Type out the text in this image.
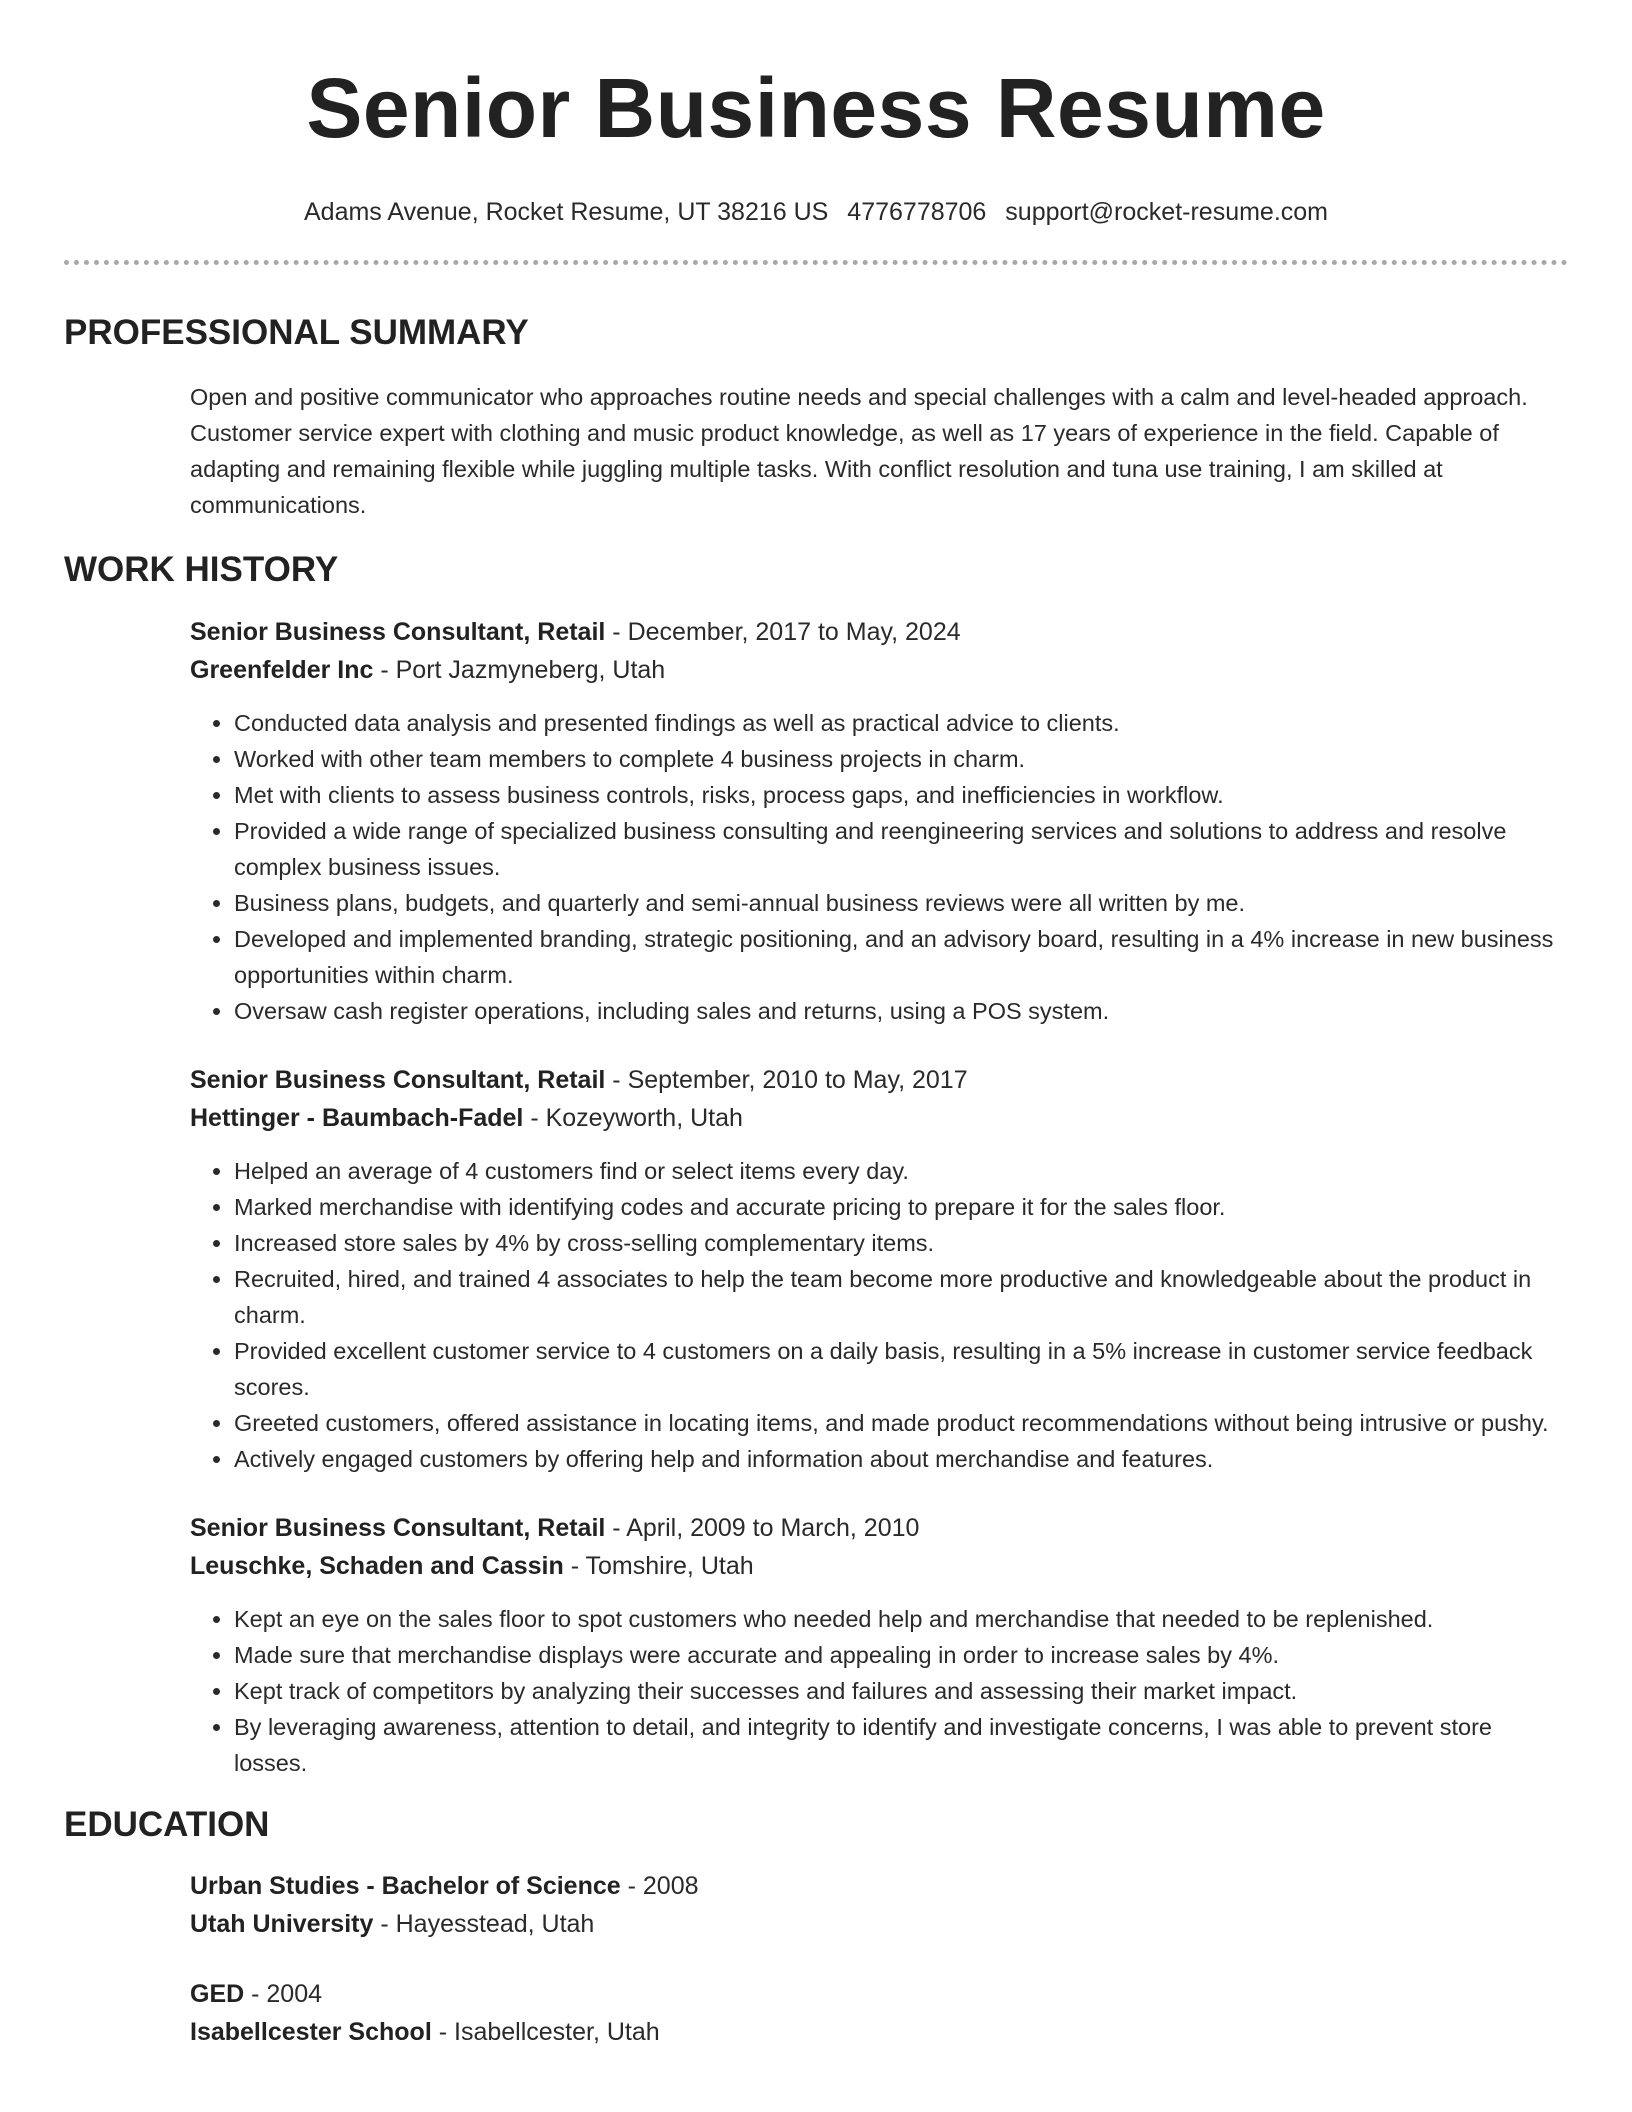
Senior Business Resume
Adams Avenue, Rocket Resume, UT 38216 US 4776778706 support@rocket-resume.com
PROFESSIONAL SUMMARY

Open and positive communicator who approaches routine needs and special challenges with a calm and level-headed approach. Customer service expert with clothing and music product knowledge, as well as 17 years of experience in the field. Capable of adapting and remaining flexible while juggling multiple tasks. With conflict resolution and tuna use training, I am skilled at communications.

WORK HISTORY
Senior Business Consultant, Retail - December, 2017 to May, 2024
Greenfelder Inc - Port Jazmyneberg, Utah
• Conducted data analysis and presented findings as well as practical advice to clients.
• Worked with other team members to complete 4 business projects in charm.
• Met with clients to assess business controls, risks, process gaps, and inefficiencies in workflow.
• Provided a wide range of specialized business consulting and reengineering services and solutions to address and resolve complex business issues.
• Business plans, budgets, and quarterly and semi-annual business reviews were all written by me.
• Developed and implemented branding, strategic positioning, and an advisory board, resulting in a 4% increase in new business opportunities within charm.
• Oversaw cash register operations, including sales and returns, using a POS system.
Senior Business Consultant, Retail - September, 2010 to May, 2017
Hettinger - Baumbach-Fadel - Kozeyworth, Utah
• Helped an average of 4 customers find or select items every day.
• Marked merchandise with identifying codes and accurate pricing to prepare it for the sales floor.
• Increased store sales by 4% by cross-selling complementary items.
• Recruited, hired, and trained 4 associates to help the team become more productive and knowledgeable about the product in charm.
• Provided excellent customer service to 4 customers on a daily basis, resulting in a 5% increase in customer service feedback scores.
• Greeted customers, offered assistance in locating items, and made product recommendations without being intrusive or pushy.
• Actively engaged customers by offering help and information about merchandise and features.
Senior Business Consultant, Retail - April, 2009 to March, 2010
Leuschke, Schaden and Cassin - Tomshire, Utah
• Kept an eye on the sales floor to spot customers who needed help and merchandise that needed to be replenished.
• Made sure that merchandise displays were accurate and appealing in order to increase sales by 4%.
• Kept track of competitors by analyzing their successes and failures and assessing their market impact.
• By leveraging awareness, attention to detail, and integrity to identify and investigate concerns, I was able to prevent store losses.
EDUCATION
Urban Studies - Bachelor of Science - 2008
Utah University - Hayesstead, Utah
GED - 2004
Isabellcester School - Isabellcester, Utah
